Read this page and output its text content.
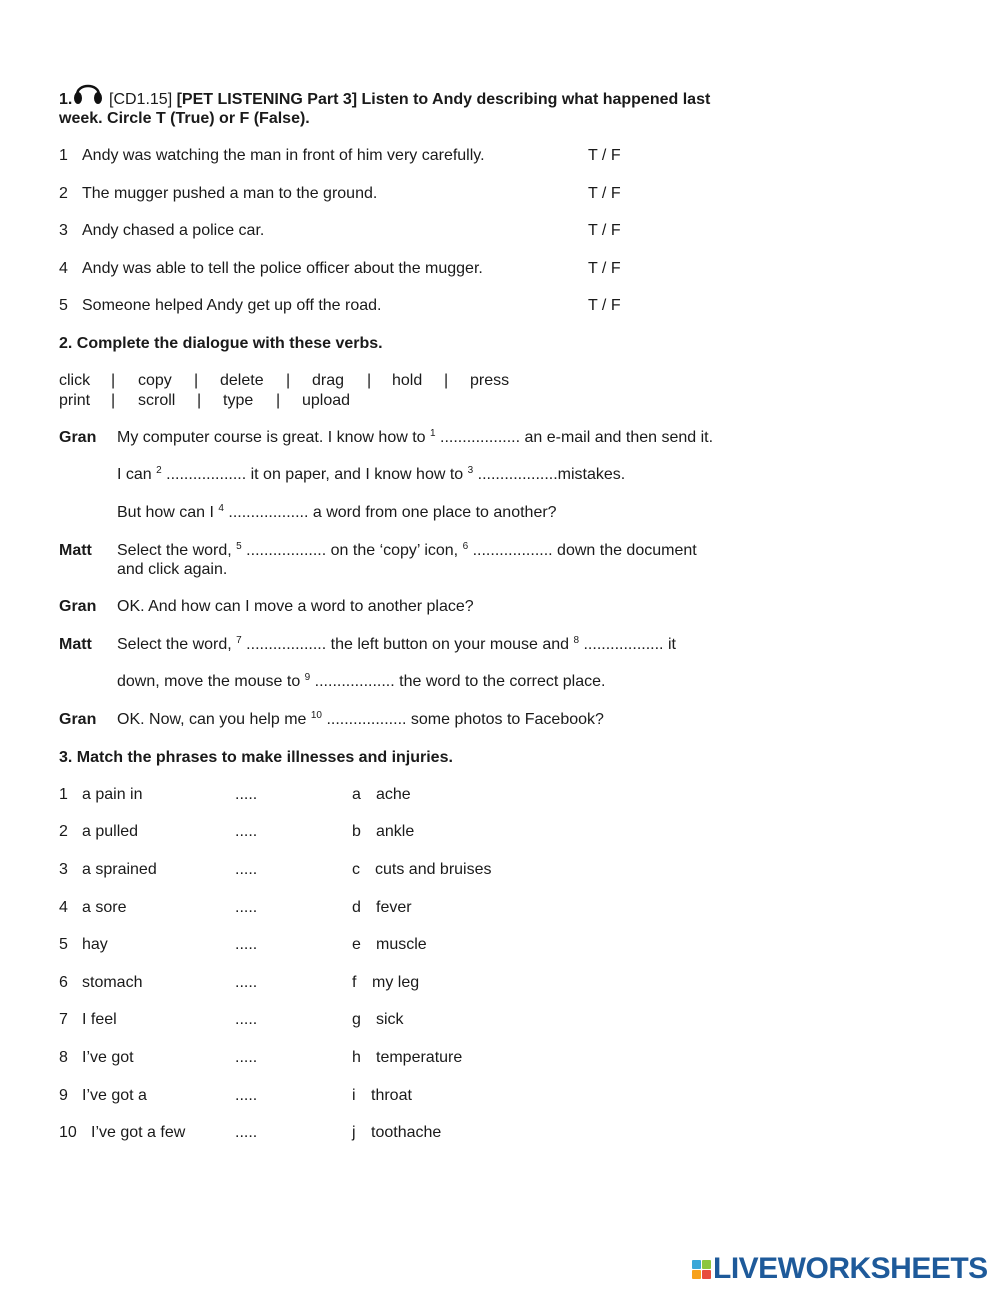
1. [CD1.15] [PET LISTENING Part 3] Listen to Andy describing what happened last
week. Circle T (True) or F (False).
1 Andy was watching the man in front of him very carefully.	T / F
2 The mugger pushed a man to the ground.	T / F
3 Andy chased a police car.	T / F
4 Andy was able to tell the police officer about the mugger.	T / F
5 Someone helped Andy get up off the road.	T / F
2. Complete the dialogue with these verbs.
click | copy | delete | drag | hold | press
print | scroll | type | upload
Gran My computer course is great. I know how to $^1$ .................. an e-mail and then send it.
I can $^2$ .................. it on paper, and I know how to $^3$ ..................mistakes.
But how can I $^4$ .................. a word from one place to another?
Matt Select the word, $^5$ .................. on the ‘copy’ icon, $^6$ .................. down the document
and click again.
Gran OK. And how can I move a word to another place?
Matt Select the word, $^7$ .................. the left button on your mouse and $^8$ .................. it
down, move the mouse to $^9$ .................. the word to the correct place.
Gran OK. Now, can you help me $^{10}$ .................. some photos to Facebook?
3. Match the phrases to make illnesses and injuries.
1 a pain in	.....	a ache
2 a pulled	.....	b ankle
3 a sprained	.....	c cuts and bruises
4 a sore	.....	d fever
5 hay	.....	e muscle
6 stomach	.....	f my leg
7 I feel	.....	g sick
8 I’ve got	.....	h temperature
9 I’ve got a	.....	i throat
10 I’ve got a few	.....	j toothache
LIVEWORKSHEETS
